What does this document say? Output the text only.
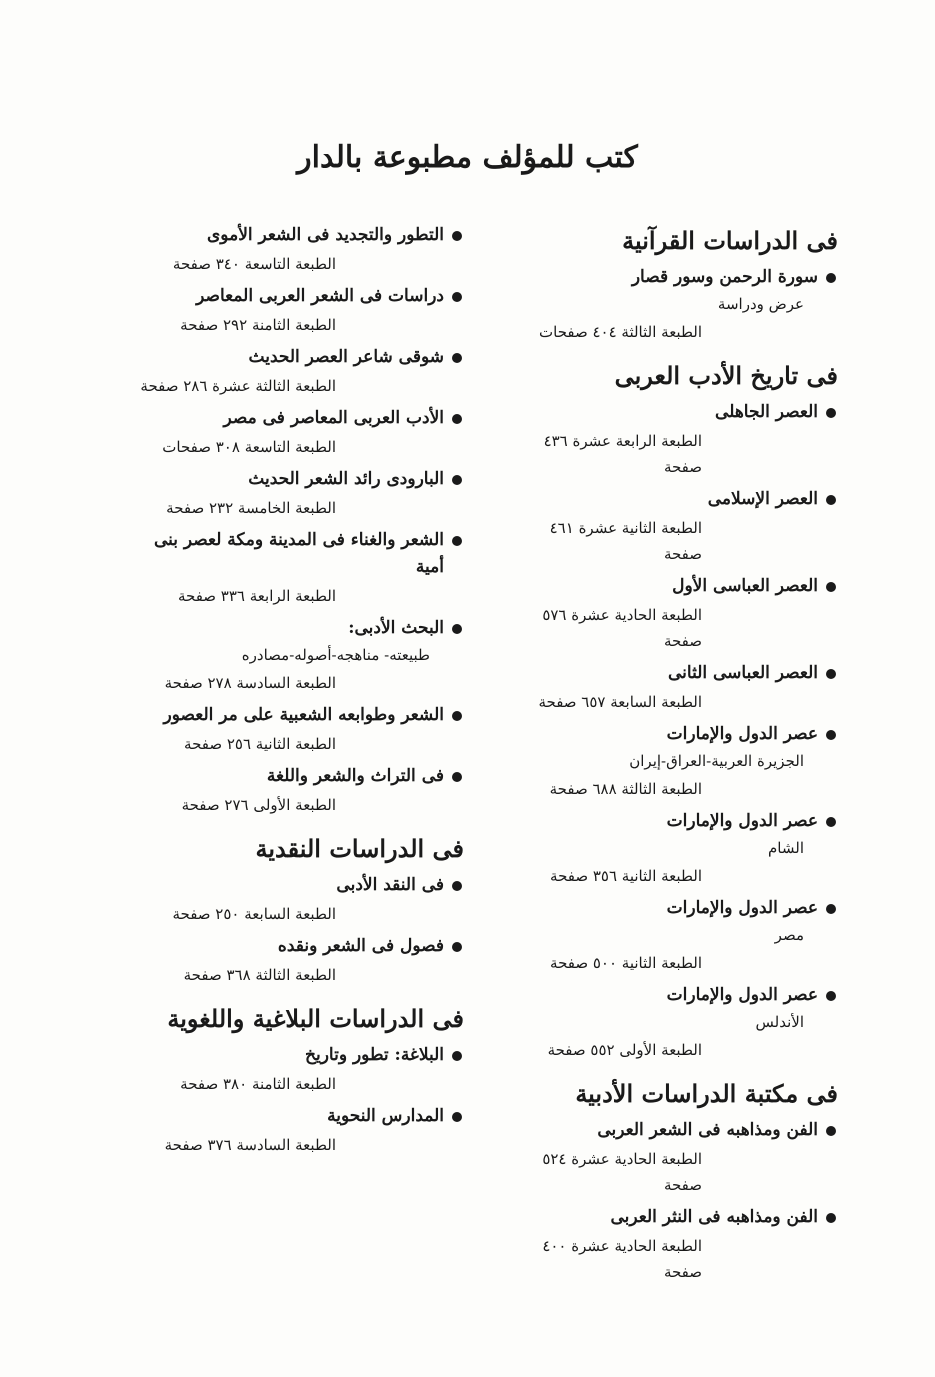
كتب للمؤلف مطبوعة بالدار
فى الدراسات القرآنية
سورة الرحمن وسور قصار
عرض ودراسة
الطبعة الثالثة ٤٠٤ صفحات
فى تاريخ الأدب العربى
العصر الجاهلى
الطبعة الرابعة عشرة ٤٣٦ صفحة
العصر الإسلامى
الطبعة الثانية عشرة ٤٦١ صفحة
العصر العباسى الأول
الطبعة الحادية عشرة ٥٧٦ صفحة
العصر العباسى الثانى
الطبعة السابعة ٦٥٧ صفحة
عصر الدول والإمارات
الجزيرة العربية-العراق-إيران
الطبعة الثالثة ٦٨٨ صفحة
عصر الدول والإمارات
الشام
الطبعة الثانية ٣٥٦ صفحة
عصر الدول والإمارات
مصر
الطبعة الثانية ٥٠٠ صفحة
عصر الدول والإمارات
الأندلس
الطبعة الأولى ٥٥٢ صفحة
فى مكتبة الدراسات الأدبية
الفن ومذاهبه فى الشعر العربى
الطبعة الحادية عشرة ٥٢٤ صفحة
الفن ومذاهبه فى النثر العربى
الطبعة الحادية عشرة ٤٠٠ صفحة
التطور والتجديد فى الشعر الأموى
الطبعة التاسعة ٣٤٠ صفحة
دراسات فى الشعر العربى المعاصر
الطبعة الثامنة ٢٩٢ صفحة
شوقى شاعر العصر الحديث
الطبعة الثالثة عشرة ٢٨٦ صفحة
الأدب العربى المعاصر فى مصر
الطبعة التاسعة ٣٠٨ صفحات
البارودى رائد الشعر الحديث
الطبعة الخامسة ٢٣٢ صفحة
الشعر والغناء فى المدينة ومكة لعصر بنى أمية
الطبعة الرابعة ٣٣٦ صفحة
البحث الأدبى:
طبيعته- مناهجه-أصوله-مصادره
الطبعة السادسة ٢٧٨ صفحة
الشعر وطوابعه الشعبية على مر العصور
الطبعة الثانية ٢٥٦ صفحة
فى التراث والشعر واللغة
الطبعة الأولى ٢٧٦ صفحة
فى الدراسات النقدية
فى النقد الأدبى
الطبعة السابعة ٢٥٠ صفحة
فصول فى الشعر ونقده
الطبعة الثالثة ٣٦٨ صفحة
فى الدراسات البلاغية واللغوية
البلاغة: تطور وتاريخ
الطبعة الثامنة ٣٨٠ صفحة
المدارس النحوية
الطبعة السادسة ٣٧٦ صفحة
